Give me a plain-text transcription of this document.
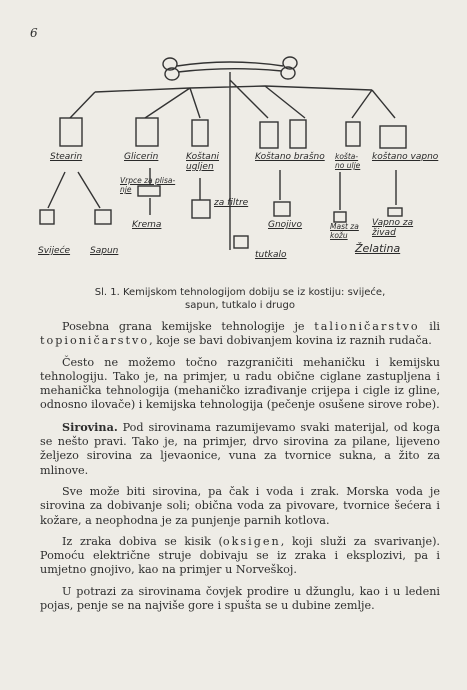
6
Stearin	Glicerin	Koštani ugljen
Koštano brašno košta- no ulje
koštano vapno
Svijeće Sapun
Vrpce za plisa- nje
Krema
za filtre
tutkalo
Gnojivo	Mast za kožu
Vapno za živad
Želatina
Sl. 1. Kemijskom tehnologijom dobiju se iz kostiju: svijeće,
sapun, tutkalo i drugo

Posebna grana kemijske tehnologije je talioničarstvo ili topioničarstvo, koje se bavi dobivanjem kovina iz raznih rudača.

Često ne možemo točno razgraničiti mehaničku i kemijsku tehnologiju. Tako je, na primjer, u radu obične ciglane zastupljena i mehanička tehnologija (mehaničko izrađivanje crijepa i cigle iz gline, odnosno ilovače) i kemijska tehnologija (pečenje osušene sirove robe).

Sirovina. Pod sirovinama razumijevamo svaki materijal, od koga se nešto pravi. Tako je, na primjer, drvo sirovina za pilane, lijeveno željezo sirovina za ljevaonice, vuna za tvornice sukna, a žito za mlinove.

Sve može biti sirovina, pa čak i voda i zrak. Morska voda je sirovina za dobivanje soli; obična voda za pivovare, tvornice šećera i kožare, a neophodna je za punjenje parnih kotlova.

Iz zraka dobiva se kisik (oksigen, koji služi za svarivanje). Pomoću električne struje dobivaju se iz zraka i eksplozivi, pa i umjetno gnojivo, kao na primjer u Norveškoj.

U potrazi za sirovinama čovjek prodire u džunglu, kao i u ledeni pojas, penje se na najviše gore i spušta se u dubine zemlje.
